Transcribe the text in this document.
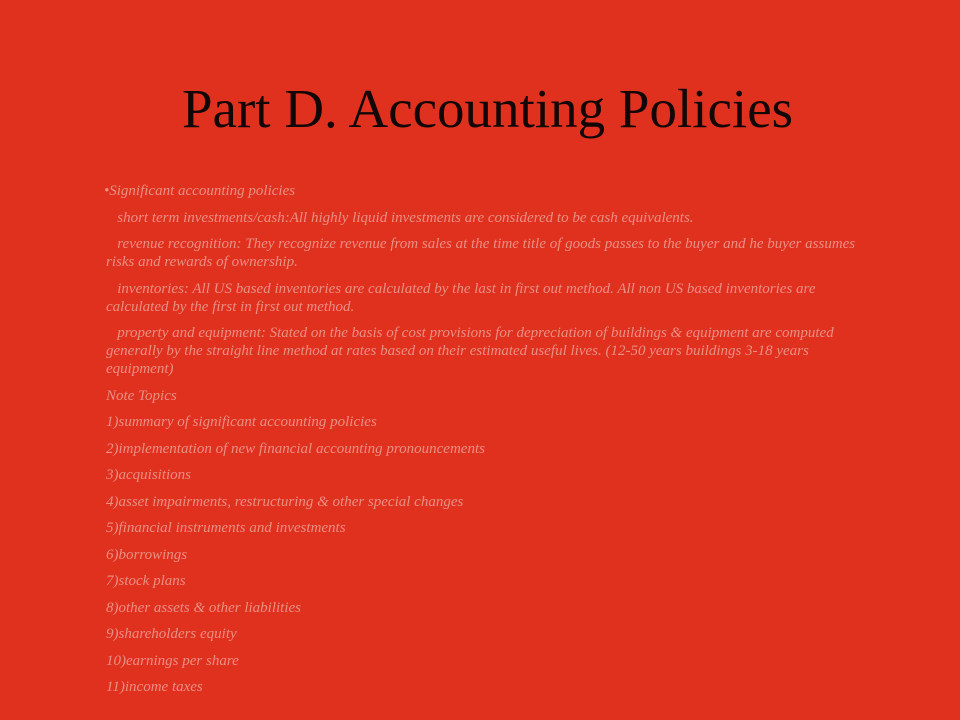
Part D. Accounting Policies

•Significant accounting policies

short term investments/cash:All highly liquid investments are considered to be cash equivalents.

revenue recognition: They recognize revenue from sales at the time title of goods passes to the buyer and he buyer assumes risks and rewards of ownership.

inventories: All US based inventories are calculated by the last in first out method. All non US based inventories are calculated by the first in first out method.

property and equipment: Stated on the basis of cost provisions for depreciation of buildings & equipment are computed generally by the straight line method at rates based on their estimated useful lives. (12-50 years buildings 3-18 years equipment)

Note Topics

1)summary of significant accounting policies

2)implementation of new financial accounting pronouncements

3)acquisitions

4)asset impairments, restructuring & other special changes

5)financial instruments and investments

6)borrowings

7)stock plans

8)other assets & other liabilities

9)shareholders equity

10)earnings per share

11)income taxes
